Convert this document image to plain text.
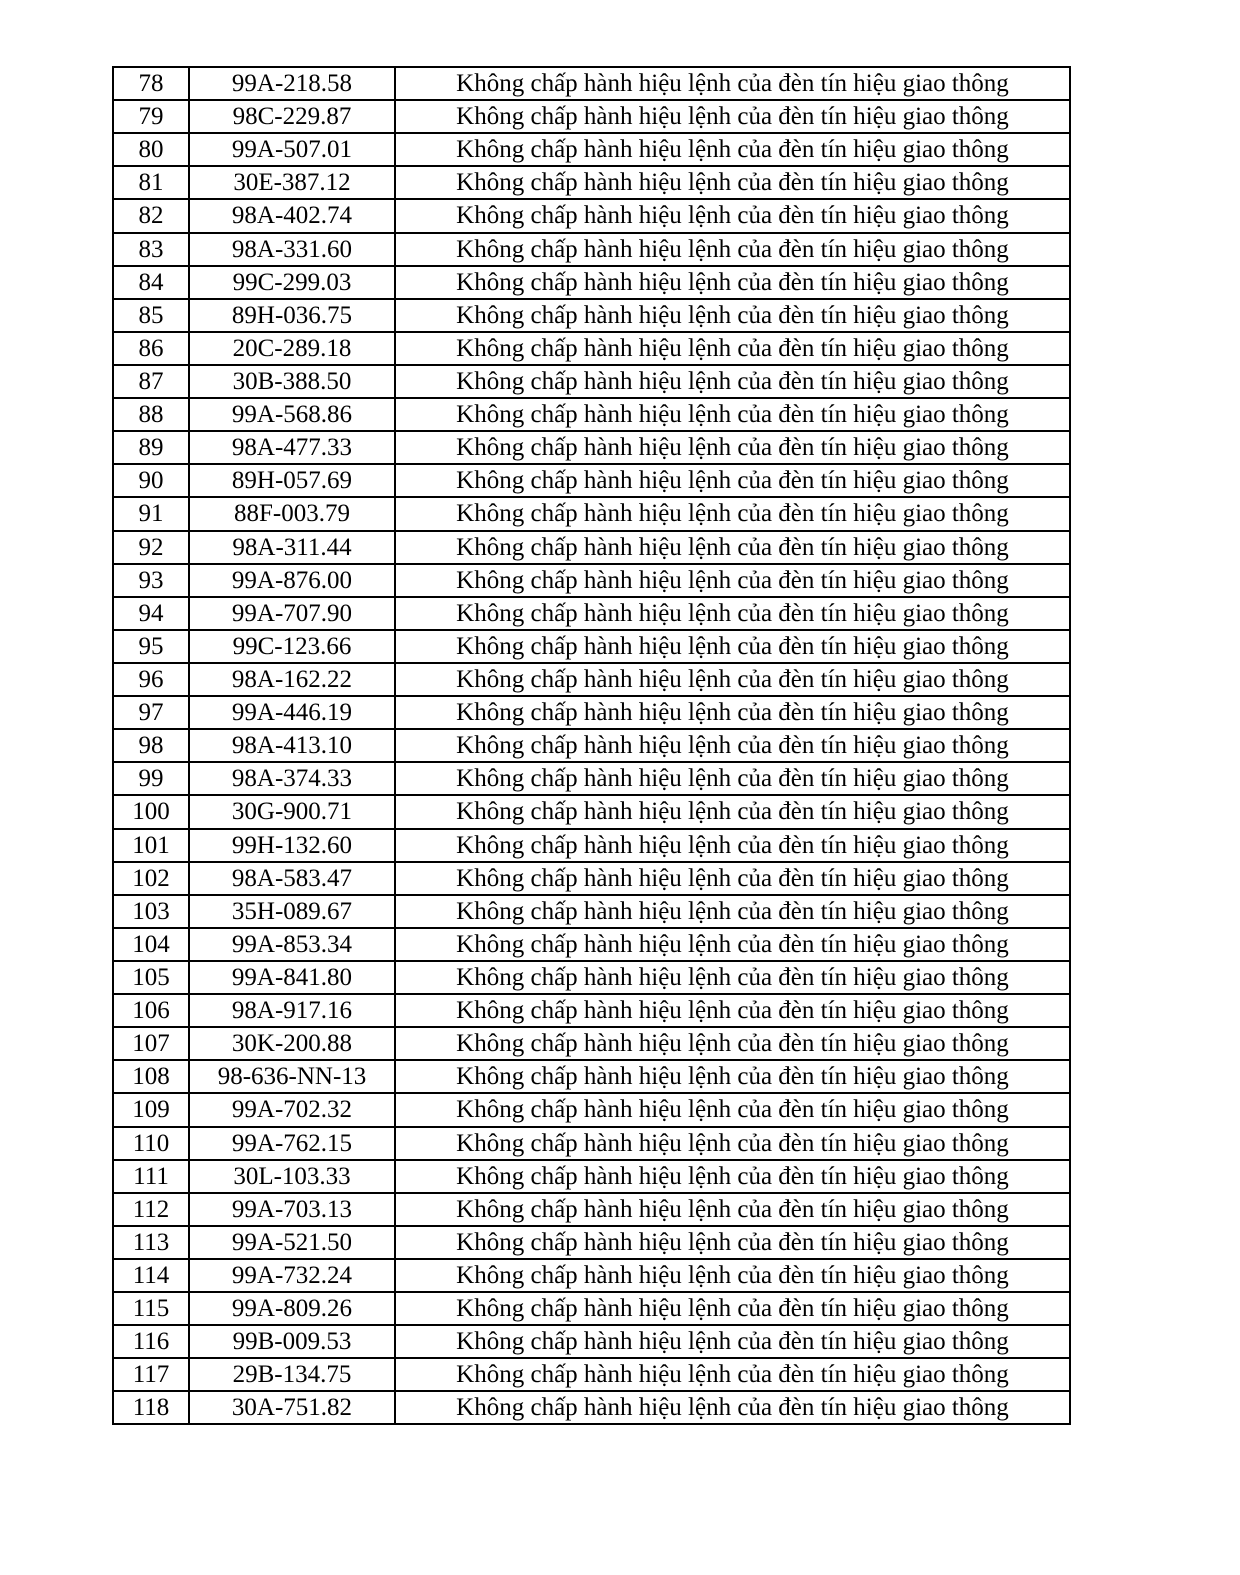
78	99A-218.58	Không chấp hành hiệu lệnh của đèn tín hiệu giao thông
79	98C-229.87	Không chấp hành hiệu lệnh của đèn tín hiệu giao thông
80	99A-507.01	Không chấp hành hiệu lệnh của đèn tín hiệu giao thông
81	30E-387.12	Không chấp hành hiệu lệnh của đèn tín hiệu giao thông
82	98A-402.74	Không chấp hành hiệu lệnh của đèn tín hiệu giao thông
83	98A-331.60	Không chấp hành hiệu lệnh của đèn tín hiệu giao thông
84	99C-299.03	Không chấp hành hiệu lệnh của đèn tín hiệu giao thông
85	89H-036.75	Không chấp hành hiệu lệnh của đèn tín hiệu giao thông
86	20C-289.18	Không chấp hành hiệu lệnh của đèn tín hiệu giao thông
87	30B-388.50	Không chấp hành hiệu lệnh của đèn tín hiệu giao thông
88	99A-568.86	Không chấp hành hiệu lệnh của đèn tín hiệu giao thông
89	98A-477.33	Không chấp hành hiệu lệnh của đèn tín hiệu giao thông
90	89H-057.69	Không chấp hành hiệu lệnh của đèn tín hiệu giao thông
91	88F-003.79	Không chấp hành hiệu lệnh của đèn tín hiệu giao thông
92	98A-311.44	Không chấp hành hiệu lệnh của đèn tín hiệu giao thông
93	99A-876.00	Không chấp hành hiệu lệnh của đèn tín hiệu giao thông
94	99A-707.90	Không chấp hành hiệu lệnh của đèn tín hiệu giao thông
95	99C-123.66	Không chấp hành hiệu lệnh của đèn tín hiệu giao thông
96	98A-162.22	Không chấp hành hiệu lệnh của đèn tín hiệu giao thông
97	99A-446.19	Không chấp hành hiệu lệnh của đèn tín hiệu giao thông
98	98A-413.10	Không chấp hành hiệu lệnh của đèn tín hiệu giao thông
99	98A-374.33	Không chấp hành hiệu lệnh của đèn tín hiệu giao thông
100	30G-900.71	Không chấp hành hiệu lệnh của đèn tín hiệu giao thông
101	99H-132.60	Không chấp hành hiệu lệnh của đèn tín hiệu giao thông
102	98A-583.47	Không chấp hành hiệu lệnh của đèn tín hiệu giao thông
103	35H-089.67	Không chấp hành hiệu lệnh của đèn tín hiệu giao thông
104	99A-853.34	Không chấp hành hiệu lệnh của đèn tín hiệu giao thông
105	99A-841.80	Không chấp hành hiệu lệnh của đèn tín hiệu giao thông
106	98A-917.16	Không chấp hành hiệu lệnh của đèn tín hiệu giao thông
107	30K-200.88	Không chấp hành hiệu lệnh của đèn tín hiệu giao thông
108	98-636-NN-13	Không chấp hành hiệu lệnh của đèn tín hiệu giao thông
109	99A-702.32	Không chấp hành hiệu lệnh của đèn tín hiệu giao thông
110	99A-762.15	Không chấp hành hiệu lệnh của đèn tín hiệu giao thông
111	30L-103.33	Không chấp hành hiệu lệnh của đèn tín hiệu giao thông
112	99A-703.13	Không chấp hành hiệu lệnh của đèn tín hiệu giao thông
113	99A-521.50	Không chấp hành hiệu lệnh của đèn tín hiệu giao thông
114	99A-732.24	Không chấp hành hiệu lệnh của đèn tín hiệu giao thông
115	99A-809.26	Không chấp hành hiệu lệnh của đèn tín hiệu giao thông
116	99B-009.53	Không chấp hành hiệu lệnh của đèn tín hiệu giao thông
117	29B-134.75	Không chấp hành hiệu lệnh của đèn tín hiệu giao thông
118	30A-751.82	Không chấp hành hiệu lệnh của đèn tín hiệu giao thông
